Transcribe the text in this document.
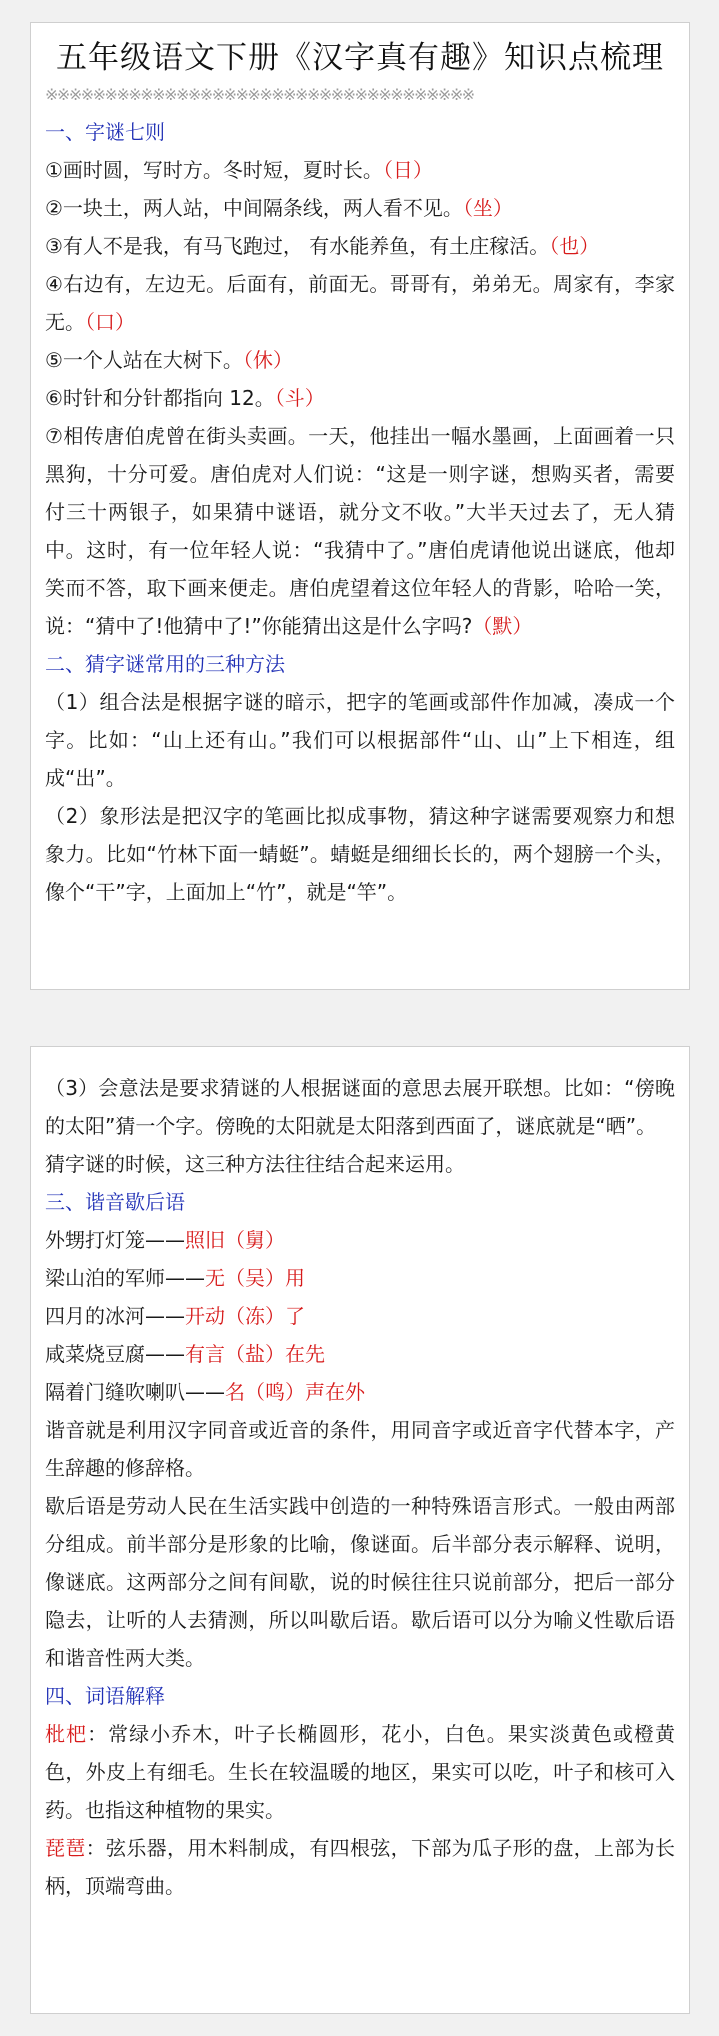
五年级语文下册《汉字真有趣》知识点梳理
※※※※※※※※※※※※※※※※※※※※※※※※※※※※※※※※※※※※
一、字谜七则
①画时圆，写时方。冬时短，夏时长。（日）
②一块土，两人站，中间隔条线，两人看不见。（坐）
③有人不是我，有马飞跑过， 有水能养鱼，有土庄稼活。（也）
④右边有，左边无。后面有，前面无。哥哥有，弟弟无。周家有，李家无。（口）
⑤一个人站在大树下。（休）
⑥时针和分针都指向 12。（斗）
⑦相传唐伯虎曾在街头卖画。一天，他挂出一幅水墨画，上面画着一只黑狗，十分可爱。唐伯虎对人们说：“这是一则字谜，想购买者，需要付三十两银子，如果猜中谜语，就分文不收。”大半天过去了，无人猜中。这时，有一位年轻人说：“我猜中了。”唐伯虎请他说出谜底，他却笑而不答，取下画来便走。唐伯虎望着这位年轻人的背影，哈哈一笑，说：“猜中了!他猜中了!”你能猜出这是什么字吗?（默）
二、猜字谜常用的三种方法
（1）组合法是根据字谜的暗示，把字的笔画或部件作加减，凑成一个字。比如：“山上还有山。”我们可以根据部件“山、山”上下相连，组成“出”。
（2）象形法是把汉字的笔画比拟成事物，猜这种字谜需要观察力和想象力。比如“竹林下面一蜻蜓”。蜻蜓是细细长长的，两个翅膀一个头，像个“干”字，上面加上“竹”，就是“竿”。
（3）会意法是要求猜谜的人根据谜面的意思去展开联想。比如：“傍晚的太阳”猜一个字。傍晚的太阳就是太阳落到西面了，谜底就是“晒”。
猜字谜的时候，这三种方法往往结合起来运用。
三、谐音歇后语
外甥打灯笼——照旧（舅）
梁山泊的军师——无（吴）用
四月的冰河——开动（冻）了
咸菜烧豆腐——有言（盐）在先
隔着门缝吹喇叭——名（鸣）声在外
谐音就是利用汉字同音或近音的条件，用同音字或近音字代替本字，产生辞趣的修辞格。
歇后语是劳动人民在生活实践中创造的一种特殊语言形式。一般由两部分组成。前半部分是形象的比喻，像谜面。后半部分表示解释、说明，像谜底。这两部分之间有间歇，说的时候往往只说前部分，把后一部分隐去，让听的人去猜测，所以叫歇后语。歇后语可以分为喻义性歇后语和谐音性两大类。
四、词语解释
枇杷：常绿小乔木，叶子长椭圆形，花小，白色。果实淡黄色或橙黄色，外皮上有细毛。生长在较温暖的地区，果实可以吃，叶子和核可入药。也指这种植物的果实。
琵琶：弦乐器，用木料制成，有四根弦，下部为瓜子形的盘，上部为长柄，顶端弯曲。
